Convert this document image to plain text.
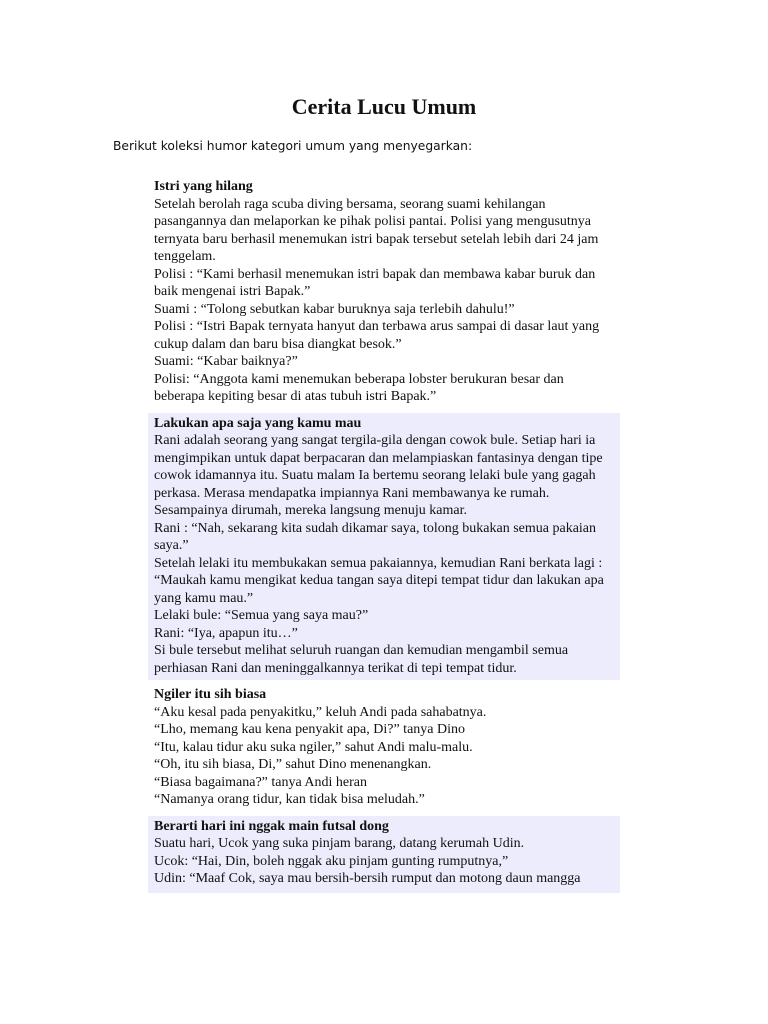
Cerita Lucu Umum

Berikut koleksi humor kategori umum yang menyegarkan:

Istri yang hilang
Setelah berolah raga scuba diving bersama, seorang suami kehilangan pasangannya dan melaporkan ke pihak polisi pantai. Polisi yang mengusutnya ternyata baru berhasil menemukan istri bapak tersebut setelah lebih dari 24 jam tenggelam.
Polisi : “Kami berhasil menemukan istri bapak dan membawa kabar buruk dan baik mengenai istri Bapak.”
Suami : “Tolong sebutkan kabar buruknya saja terlebih dahulu!”
Polisi : “Istri Bapak ternyata hanyut dan terbawa arus sampai di dasar laut yang cukup dalam dan baru bisa diangkat besok.”
Suami: “Kabar baiknya?”
Polisi: “Anggota kami menemukan beberapa lobster berukuran besar dan beberapa kepiting besar di atas tubuh istri Bapak.”
Lakukan apa saja yang kamu mau
Rani adalah seorang yang sangat tergila-gila dengan cowok bule. Setiap hari ia mengimpikan untuk dapat berpacaran dan melampiaskan fantasinya dengan tipe cowok idamannya itu. Suatu malam Ia bertemu seorang lelaki bule yang gagah perkasa. Merasa mendapatka impiannya Rani membawanya ke rumah. Sesampainya dirumah, mereka langsung menuju kamar.
Rani : “Nah, sekarang kita sudah dikamar saya, tolong bukakan semua pakaian saya.”
Setelah lelaki itu membukakan semua pakaiannya, kemudian Rani berkata lagi : “Maukah kamu mengikat kedua tangan saya ditepi tempat tidur dan lakukan apa yang kamu mau.”
Lelaki bule: “Semua yang saya mau?”
Rani: “Iya, apapun itu…”
Si bule tersebut melihat seluruh ruangan dan kemudian mengambil semua perhiasan Rani dan meninggalkannya terikat di tepi tempat tidur.
Ngiler itu sih biasa
“Aku kesal pada penyakitku,” keluh Andi pada sahabatnya.
“Lho, memang kau kena penyakit apa, Di?” tanya Dino
“Itu, kalau tidur aku suka ngiler,” sahut Andi malu-malu.
“Oh, itu sih biasa, Di,” sahut Dino menenangkan.
“Biasa bagaimana?” tanya Andi heran
“Namanya orang tidur, kan tidak bisa meludah.”
Berarti hari ini nggak main futsal dong
Suatu hari, Ucok yang suka pinjam barang, datang kerumah Udin.
Ucok: “Hai, Din, boleh nggak aku pinjam gunting rumputnya,”
Udin: “Maaf Cok, saya mau bersih-bersih rumput dan motong daun mangga
